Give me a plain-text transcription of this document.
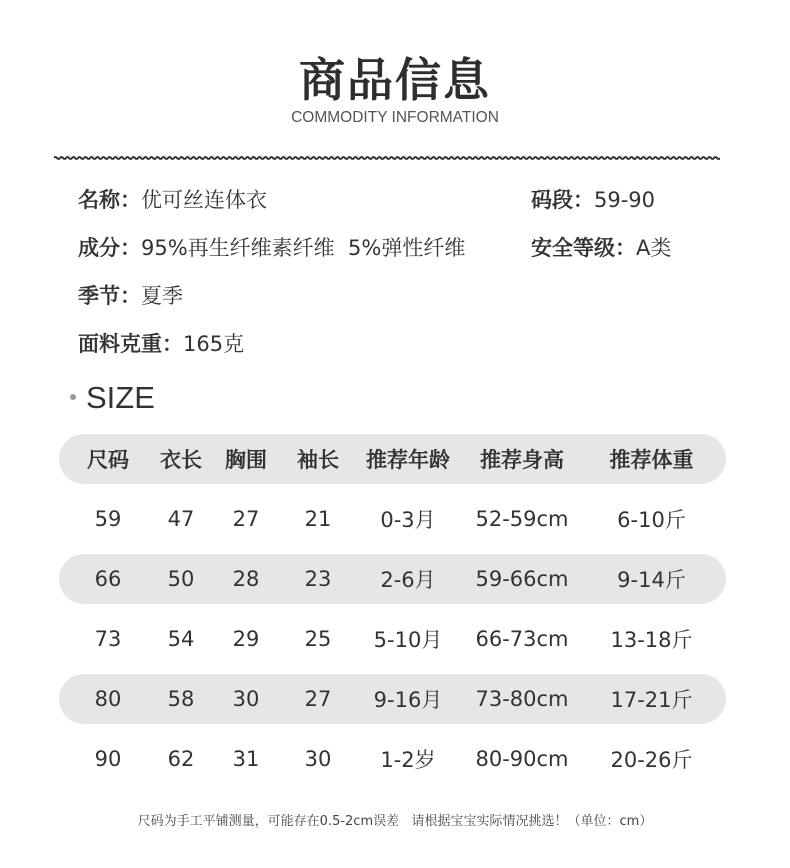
商品信息
COMMODITY INFORMATION
名称：优可丝连体衣	码段：59-90
成分：95%再生纤维素纤维  5%弹性纤维	安全等级：A类
季节：夏季
面料克重：165克
SIZE
尺码	衣长	胸围	袖长	推荐年龄	推荐身高	推荐体重
59	47	27	21	0-3月	52-59cm	6-10斤
66	50	28	23	2-6月	59-66cm	9-14斤
73	54	29	25	5-10月	66-73cm	13-18斤
80	58	30	27	9-16月	73-80cm	17-21斤
90	62	31	30	1-2岁	80-90cm	20-26斤
尺码为手工平铺测量，可能存在0.5-2cm误差   请根据宝宝实际情况挑选！（单位：cm）
